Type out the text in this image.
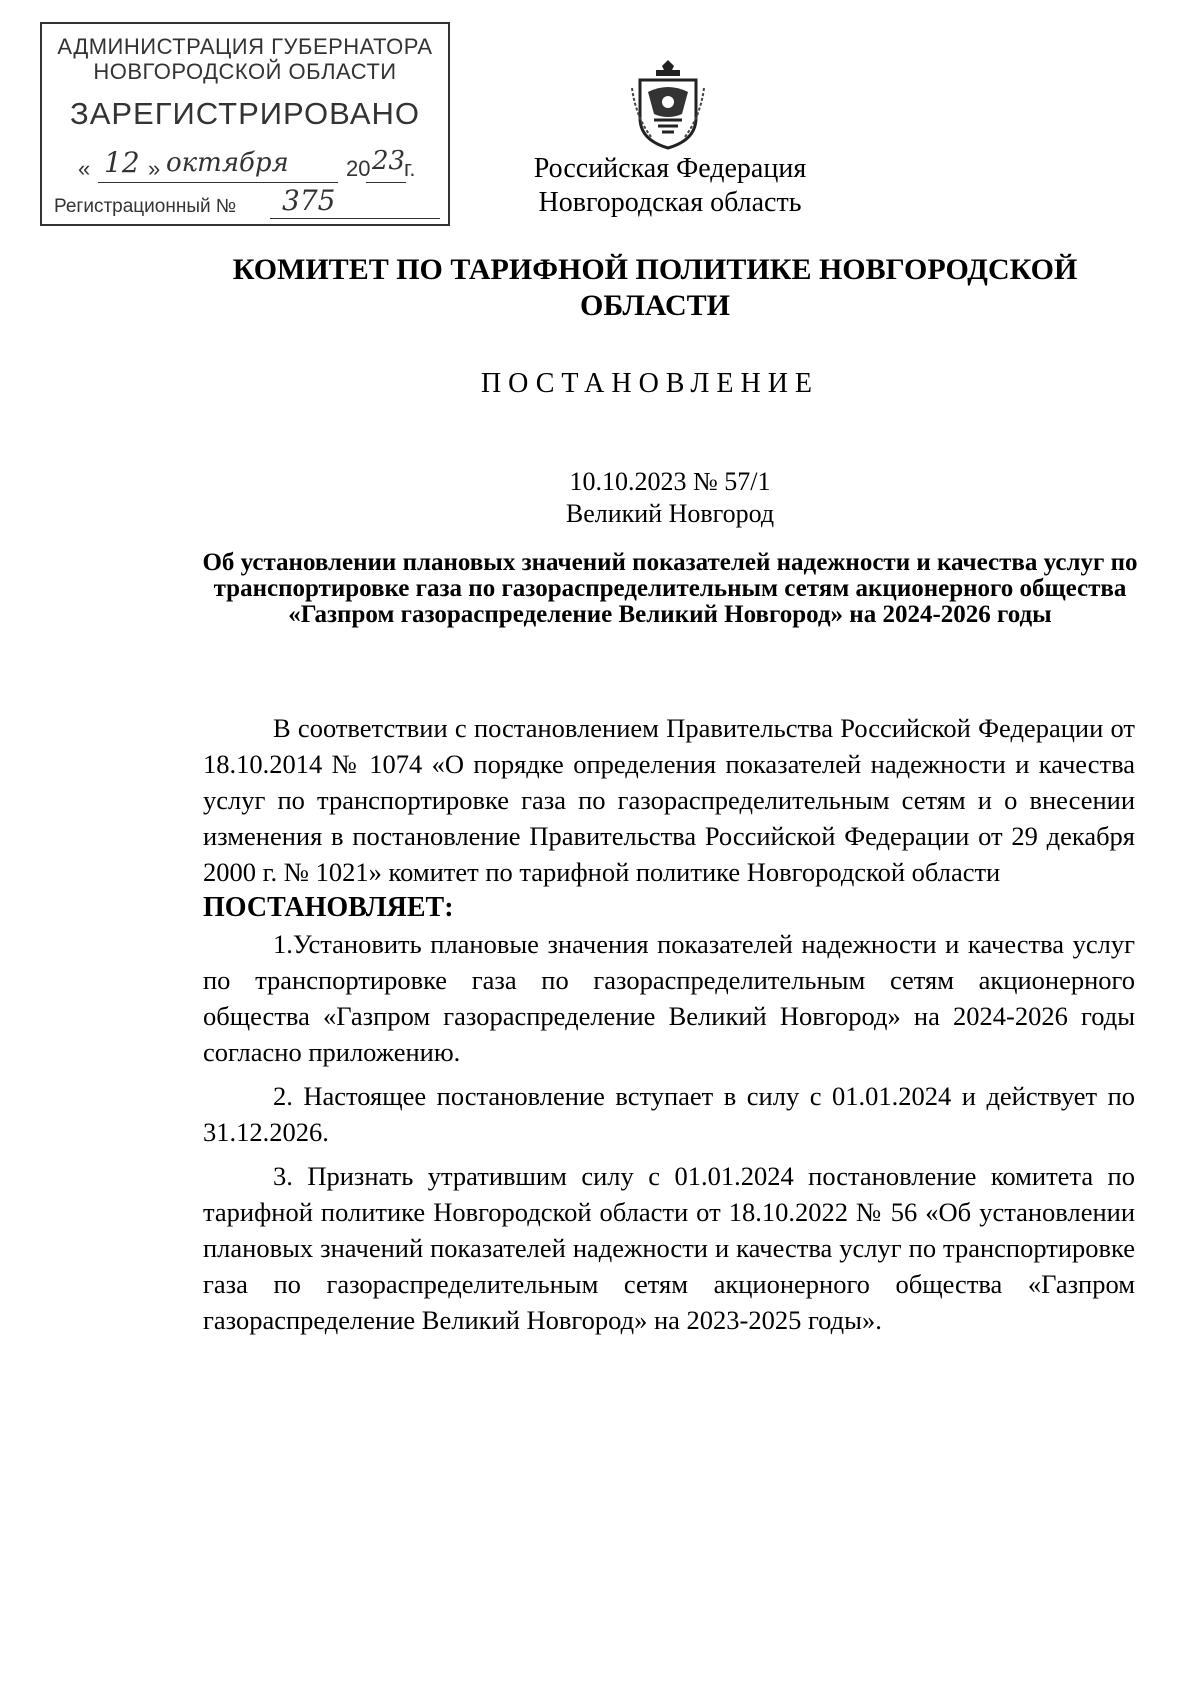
АДМИНИСТРАЦИЯ ГУБЕРНАТОРА
НОВГОРОДСКОЙ ОБЛАСТИ
ЗАРЕГИСТРИРОВАНО
« 12 » октября	20 23
г.
Регистрационный № 375
Российская Федерация
Новгородская область
КОМИТЕТ ПО ТАРИФНОЙ ПОЛИТИКЕ НОВГОРОДСКОЙ ОБЛАСТИ
ПОСТАНОВЛЕНИЕ
10.10.2023 № 57/1
Великий Новгород
Об установлении плановых значений показателей надежности и качества услуг по транспортировке газа по газораспределительным сетям акционерного общества «Газпром газораспределение Великий Новгород» на 2024-2026 годы

В соответствии с постановлением Правительства Российской Федерации от 18.10.2014 № 1074 «О порядке определения показателей надежности и качества услуг по транспортировке газа по газораспределительным сетям и о внесении изменения в постановление Правительства Российской Федерации от 29 декабря 2000 г. № 1021» комитет по тарифной политике Новгородской области

ПОСТАНОВЛЯЕТ:

1.Установить плановые значения показателей надежности и качества услуг по транспортировке газа по газораспределительным сетям акционерного общества «Газпром газораспределение Великий Новгород» на 2024-2026 годы согласно приложению.

2. Настоящее постановление вступает в силу с 01.01.2024 и действует по 31.12.2026.

3. Признать утратившим силу с 01.01.2024 постановление комитета по тарифной политике Новгородской области от 18.10.2022 № 56 «Об установлении плановых значений показателей надежности и качества услуг по транспортировке газа по газораспределительным сетям акционерного общества «Газпром газораспределение Великий Новгород» на 2023-2025 годы».
